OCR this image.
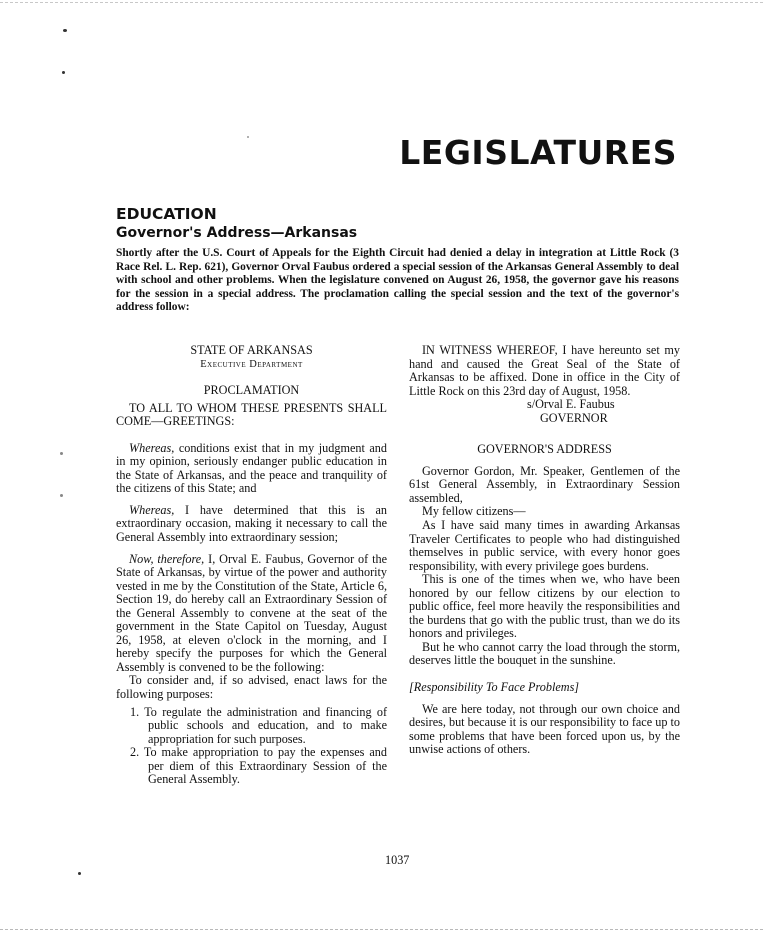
LEGISLATURES
EDUCATION
Governor's Address—Arkansas

Shortly after the U.S. Court of Appeals for the Eighth Circuit had denied a delay in integration at Little Rock (3 Race Rel. L. Rep. 621), Governor Orval Faubus ordered a special session of the Arkansas General Assembly to deal with school and other problems. When the legislature convened on August 26, 1958, the governor gave his reasons for the session in a special address. The proclamation calling the special session and the text of the governor's address follow:

STATE OF ARKANSAS

Executive Department

PROCLAMATION

TO ALL TO WHOM THESE PRESENTS SHALL COME—GREETINGS:

Whereas, conditions exist that in my judgment and in my opinion, seriously endanger public education in the State of Arkansas, and the peace and tranquility of the citizens of this State; and

Whereas, I have determined that this is an extraordinary occasion, making it necessary to call the General Assembly into extraordinary session;

Now, therefore, I, Orval E. Faubus, Governor of the State of Arkansas, by virtue of the power and authority vested in me by the Constitution of the State, Article 6, Section 19, do hereby call an Extraordinary Session of the General Assembly to convene at the seat of the government in the State Capitol on Tuesday, August 26, 1958, at eleven o'clock in the morning, and I hereby specify the purposes for which the General Assembly is convened to be the following:

To consider and, if so advised, enact laws for the following purposes:

1. To regulate the administration and financing of public schools and education, and to make appropriation for such purposes.

2. To make appropriation to pay the expenses and per diem of this Extraordinary Session of the General Assembly.

IN WITNESS WHEREOF, I have hereunto set my hand and caused the Great Seal of the State of Arkansas to be affixed. Done in office in the City of Little Rock on this 23rd day of August, 1958.

s/Orval E. Faubus

GOVERNOR

GOVERNOR'S ADDRESS

Governor Gordon, Mr. Speaker, Gentlemen of the 61st General Assembly, in Extraordinary Session assembled,

My fellow citizens—

As I have said many times in awarding Arkansas Traveler Certificates to people who had distinguished themselves in public service, with every honor goes responsibility, with every privilege goes burdens.

This is one of the times when we, who have been honored by our fellow citizens by our election to public office, feel more heavily the responsibilities and the burdens that go with the public trust, than we do its honors and privileges.

But he who cannot carry the load through the storm, deserves little the bouquet in the sunshine.

[Responsibility To Face Problems]

We are here today, not through our own choice and desires, but because it is our responsibility to face up to some problems that have been forced upon us, by the unwise actions of others.

1037
